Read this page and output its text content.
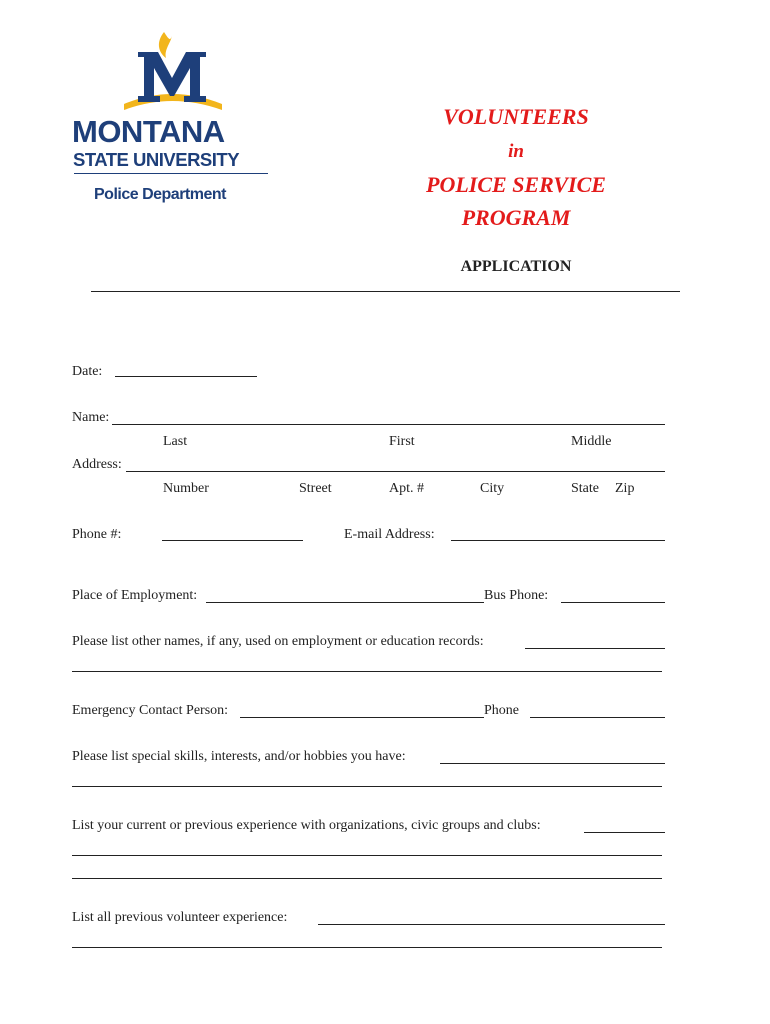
MONTANA
STATE UNIVERSITY
Police Department
VOLUNTEERS
in
POLICE SERVICE
PROGRAM
APPLICATION
Date:
Name:
Last	First	Middle
Address:
Number	Street	Apt. #	City	State Zip
Phone #:	E-mail Address:
Place of Employment:	Bus Phone:
Please list other names, if any, used on employment or education records:
Emergency Contact Person:	Phone
Please list special skills, interests, and/or hobbies you have:
List your current or previous experience with organizations, civic groups and clubs:
List all previous volunteer experience:
